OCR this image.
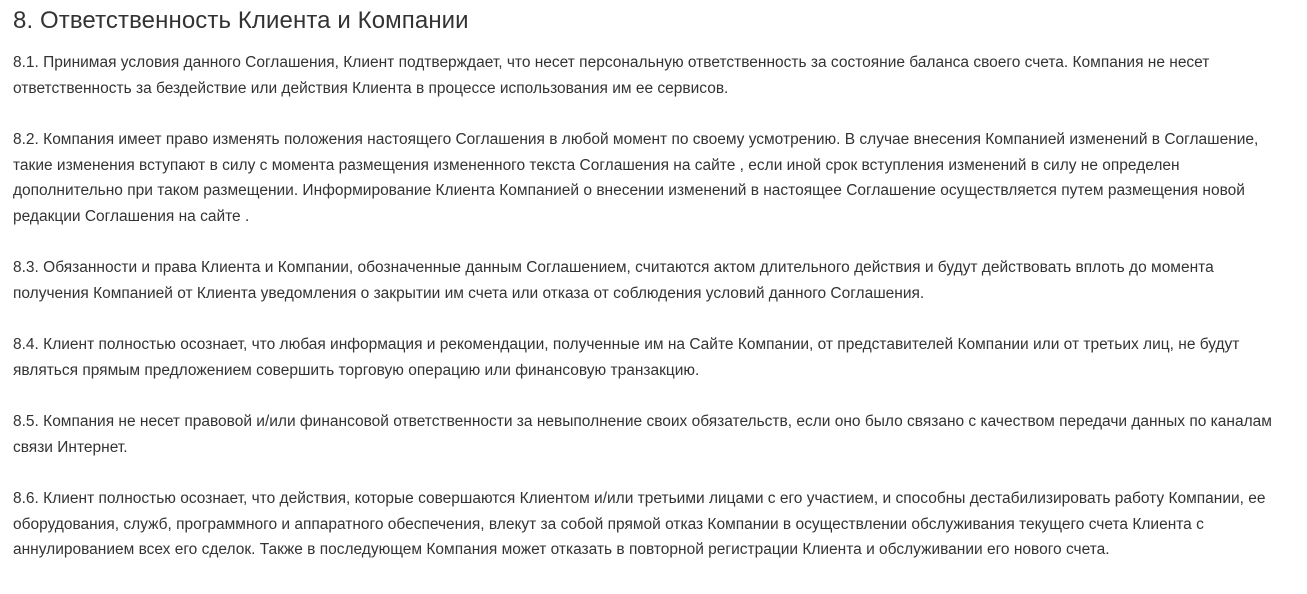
8. Ответственность Клиента и Компании

8.1. Принимая условия данного Соглашения, Клиент подтверждает, что несет персональную ответственность за состояние баланса своего счета. Компания не несет ответственность за бездействие или действия Клиента в процессе использования им ее сервисов.

8.2. Компания имеет право изменять положения настоящего Соглашения в любой момент по своему усмотрению. В случае внесения Компанией изменений в Соглашение, такие изменения вступают в силу с момента размещения измененного текста Соглашения на сайте , если иной срок вступления изменений в силу не определен дополнительно при таком размещении. Информирование Клиента Компанией о внесении изменений в настоящее Соглашение осуществляется путем размещения новой редакции Соглашения на сайте .

8.3. Обязанности и права Клиента и Компании, обозначенные данным Соглашением, считаются актом длительного действия и будут действовать вплоть до момента получения Компанией от Клиента уведомления о закрытии им счета или отказа от соблюдения условий данного Соглашения.

8.4. Клиент полностью осознает, что любая информация и рекомендации, полученные им на Сайте Компании, от представителей Компании или от третьих лиц, не будут являться прямым предложением совершить торговую операцию или финансовую транзакцию.

8.5. Компания не несет правовой и/или финансовой ответственности за невыполнение своих обязательств, если оно было связано с качеством передачи данных по каналам связи Интернет.

8.6. Клиент полностью осознает, что действия, которые совершаются Клиентом и/или третьими лицами с его участием, и способны дестабилизировать работу Компании, ее оборудования, служб, программного и аппаратного обеспечения, влекут за собой прямой отказ Компании в осуществлении обслуживания текущего счета Клиента с аннулированием всех его сделок. Также в последующем Компания может отказать в повторной регистрации Клиента и обслуживании его нового счета.
